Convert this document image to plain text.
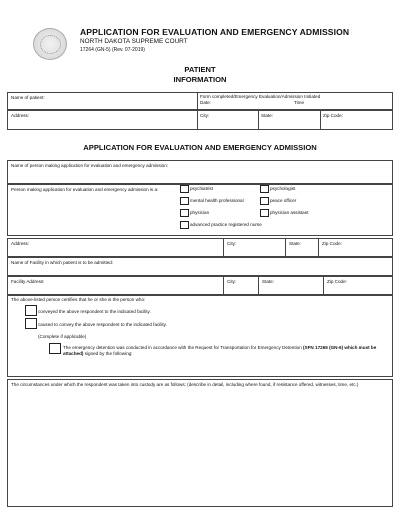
APPLICATION FOR EVALUATION AND EMERGENCY ADMISSION
NORTH DAKOTA SUPREME COURT
17264 (GN-5) (Rev. 07-2019)
PATIENT
INFORMATION
Name of patient:	Form completed/Emergency Evaluation/Admission Initiated
Date:	Time
Address:	City:	State:	Zip Code:
APPLICATION FOR EVALUATION AND EMERGENCY ADMISSION
Name of person making application for evaluation and emergency admission:
Person making application for evaluation and emergency admission is a:	psychiatrist	psychologist
mental health professional	peace officer
physician	physician assistant
advanced practice registered nurse
Address:	City:	State:	Zip Code:
Name of Facility in which patient is to be admitted:
Facility Address:	City:	State:	Zip Code:
The above-listed person certifies that he or she is the person who:
conveyed the above respondent to the indicated facility.
caused to convey the above respondent to the indicated facility.
(Complete if applicable)
The emergency detention was conducted in accordance with the Request for Transportation for Emergency Detention (SFN 17265 (GN-6) which must be attached) signed by the following:
The circumstances under which the respondent was taken into custody are as follows: (describe in detail, including where found, if resistance offered, witnesses, time, etc.)
